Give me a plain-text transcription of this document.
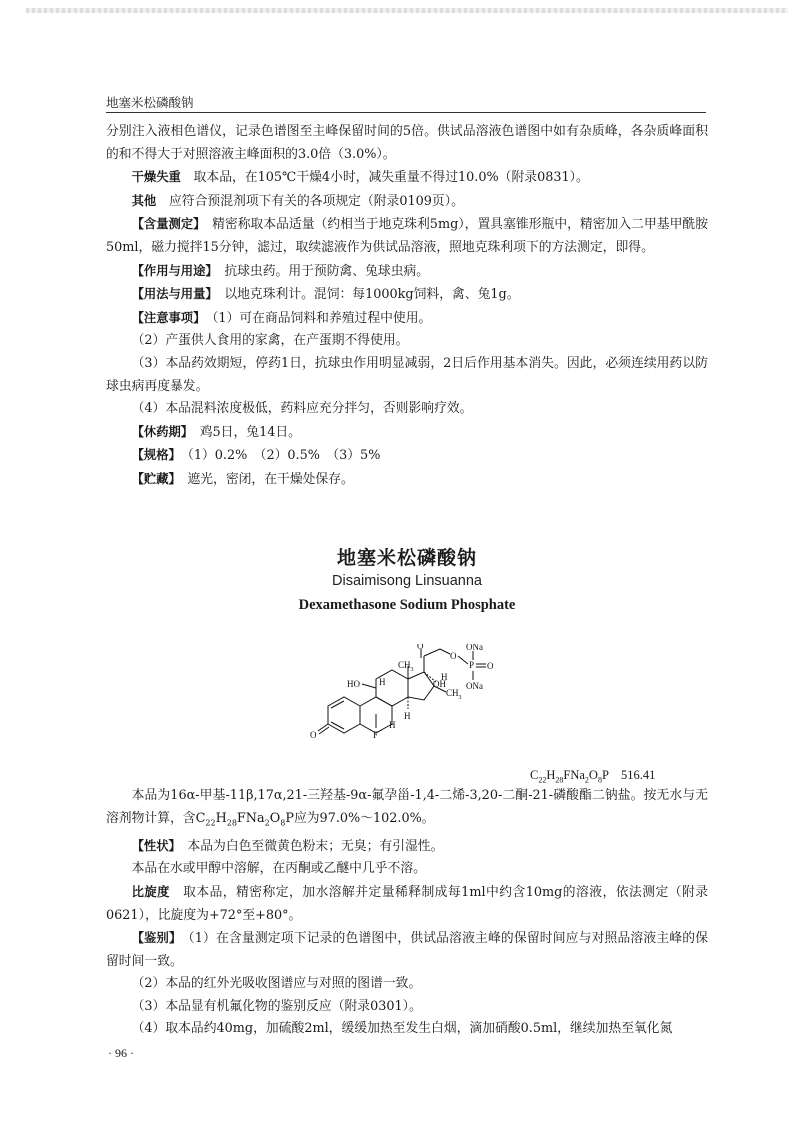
地塞米松磷酸钠

分别注入液相色谱仪，记录色谱图至主峰保留时间的5倍。供试品溶液色谱图中如有杂质峰，各杂质峰面积的和不得大于对照溶液主峰面积的3.0倍（3.0%）。

干燥失重　 取本品，在105℃干燥4小时，减失重量不得过10.0%（附录0831）。

其他　 应符合预混剂项下有关的各项规定（附录0109页）。

【含量测定】　 精密称取本品适量（约相当于地克珠利5mg），置具塞锥形瓶中，精密加入二甲基甲酰胺50ml，磁力搅拌15分钟，滤过，取续滤液作为供试品溶液，照地克珠利项下的方法测定，即得。

【作用与用途】　 抗球虫药。用于预防禽、兔球虫病。

【用法与用量】　 以地克珠利计。混饲：每1000kg饲料，禽、兔1g。

【注意事项】　 （1）可在商品饲料和养殖过程中使用。

（2）产蛋供人食用的家禽，在产蛋期不得使用。

（3）本品药效期短，停药1日，抗球虫作用明显减弱，2日后作用基本消失。因此，必须连续用药以防球虫病再度暴发。

（4）本品混料浓度极低，药料应充分拌匀，否则影响疗效。

【休药期】　 鸡5日，兔14日。

【规格】　 （1）0.2%　（2）0.5%　（3）5%

【贮藏】　 遮光，密闭，在干燥处保存。

地塞米松磷酸钠
Disaimisong Linsuanna
Dexamethasone Sodium Phosphate
ONa
O
P O
ONa
O
HO H
$CH_3$
OH
H
H
$CH_3$
H
F
O
$C_{22}H_{28}FNa_2O_8P$　 516.41

本品为16α-甲基-11β,17α,21-三羟基-9α-氟孕甾-1,4-二烯-3,20-二酮-21-磷酸酯二钠盐。按无水与无溶剂物计算，含$C_{22}H_{28}FNa_2O_8P$应为97.0%～102.0%。

【性状】　 本品为白色至微黄色粉末；无臭；有引湿性。

本品在水或甲醇中溶解，在丙酮或乙醚中几乎不溶。

比旋度　 取本品，精密称定，加水溶解并定量稀释制成每1ml中约含10mg的溶液，依法测定（附录0621），比旋度为+72°至+80°。

【鉴别】　 （1）在含量测定项下记录的色谱图中，供试品溶液主峰的保留时间应与对照品溶液主峰的保留时间一致。

（2）本品的红外光吸收图谱应与对照的图谱一致。

（3）本品显有机氟化物的鉴别反应（附录0301）。

（4）取本品约40mg，加硫酸2ml，缓缓加热至发生白烟，滴加硝酸0.5ml，继续加热至氧化氮

· 96 ·
